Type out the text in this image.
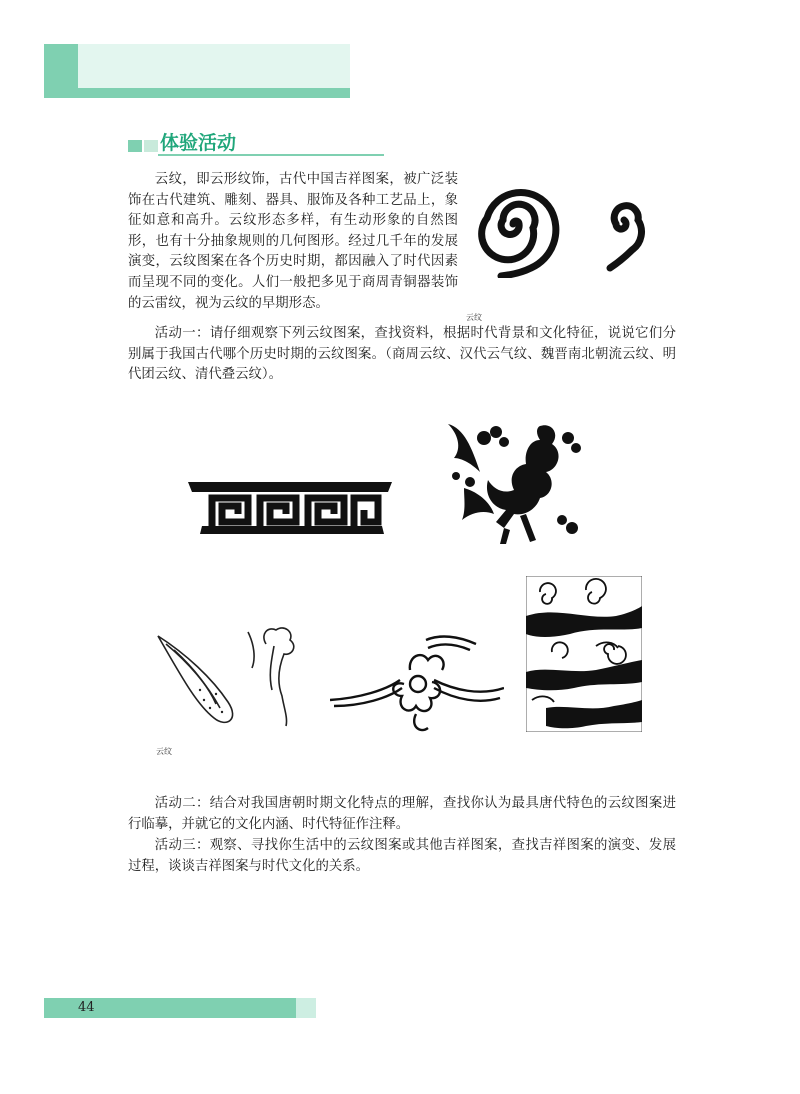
体验活动

云纹，即云形纹饰，古代中国吉祥图案，被广泛装饰在古代建筑、雕刻、器具、服饰及各种工艺品上，象征如意和高升。云纹形态多样，有生动形象的自然图形，也有十分抽象规则的几何图形。经过几千年的发展演变，云纹图案在各个历史时期，都因融入了时代因素而呈现不同的变化。人们一般把多见于商周青铜器装饰的云雷纹，视为云纹的早期形态。

云纹

活动一：请仔细观察下列云纹图案，查找资料，根据时代背景和文化特征，说说它们分别属于我国古代哪个历史时期的云纹图案。（商周云纹、汉代云气纹、魏晋南北朝流云纹、明代团云纹、清代叠云纹）。

云纹

活动二：结合对我国唐朝时期文化特点的理解，查找你认为最具唐代特色的云纹图案进行临摹，并就它的文化内涵、时代特征作注释。

活动三：观察、寻找你生活中的云纹图案或其他吉祥图案，查找吉祥图案的演变、发展过程，谈谈吉祥图案与时代文化的关系。

44
